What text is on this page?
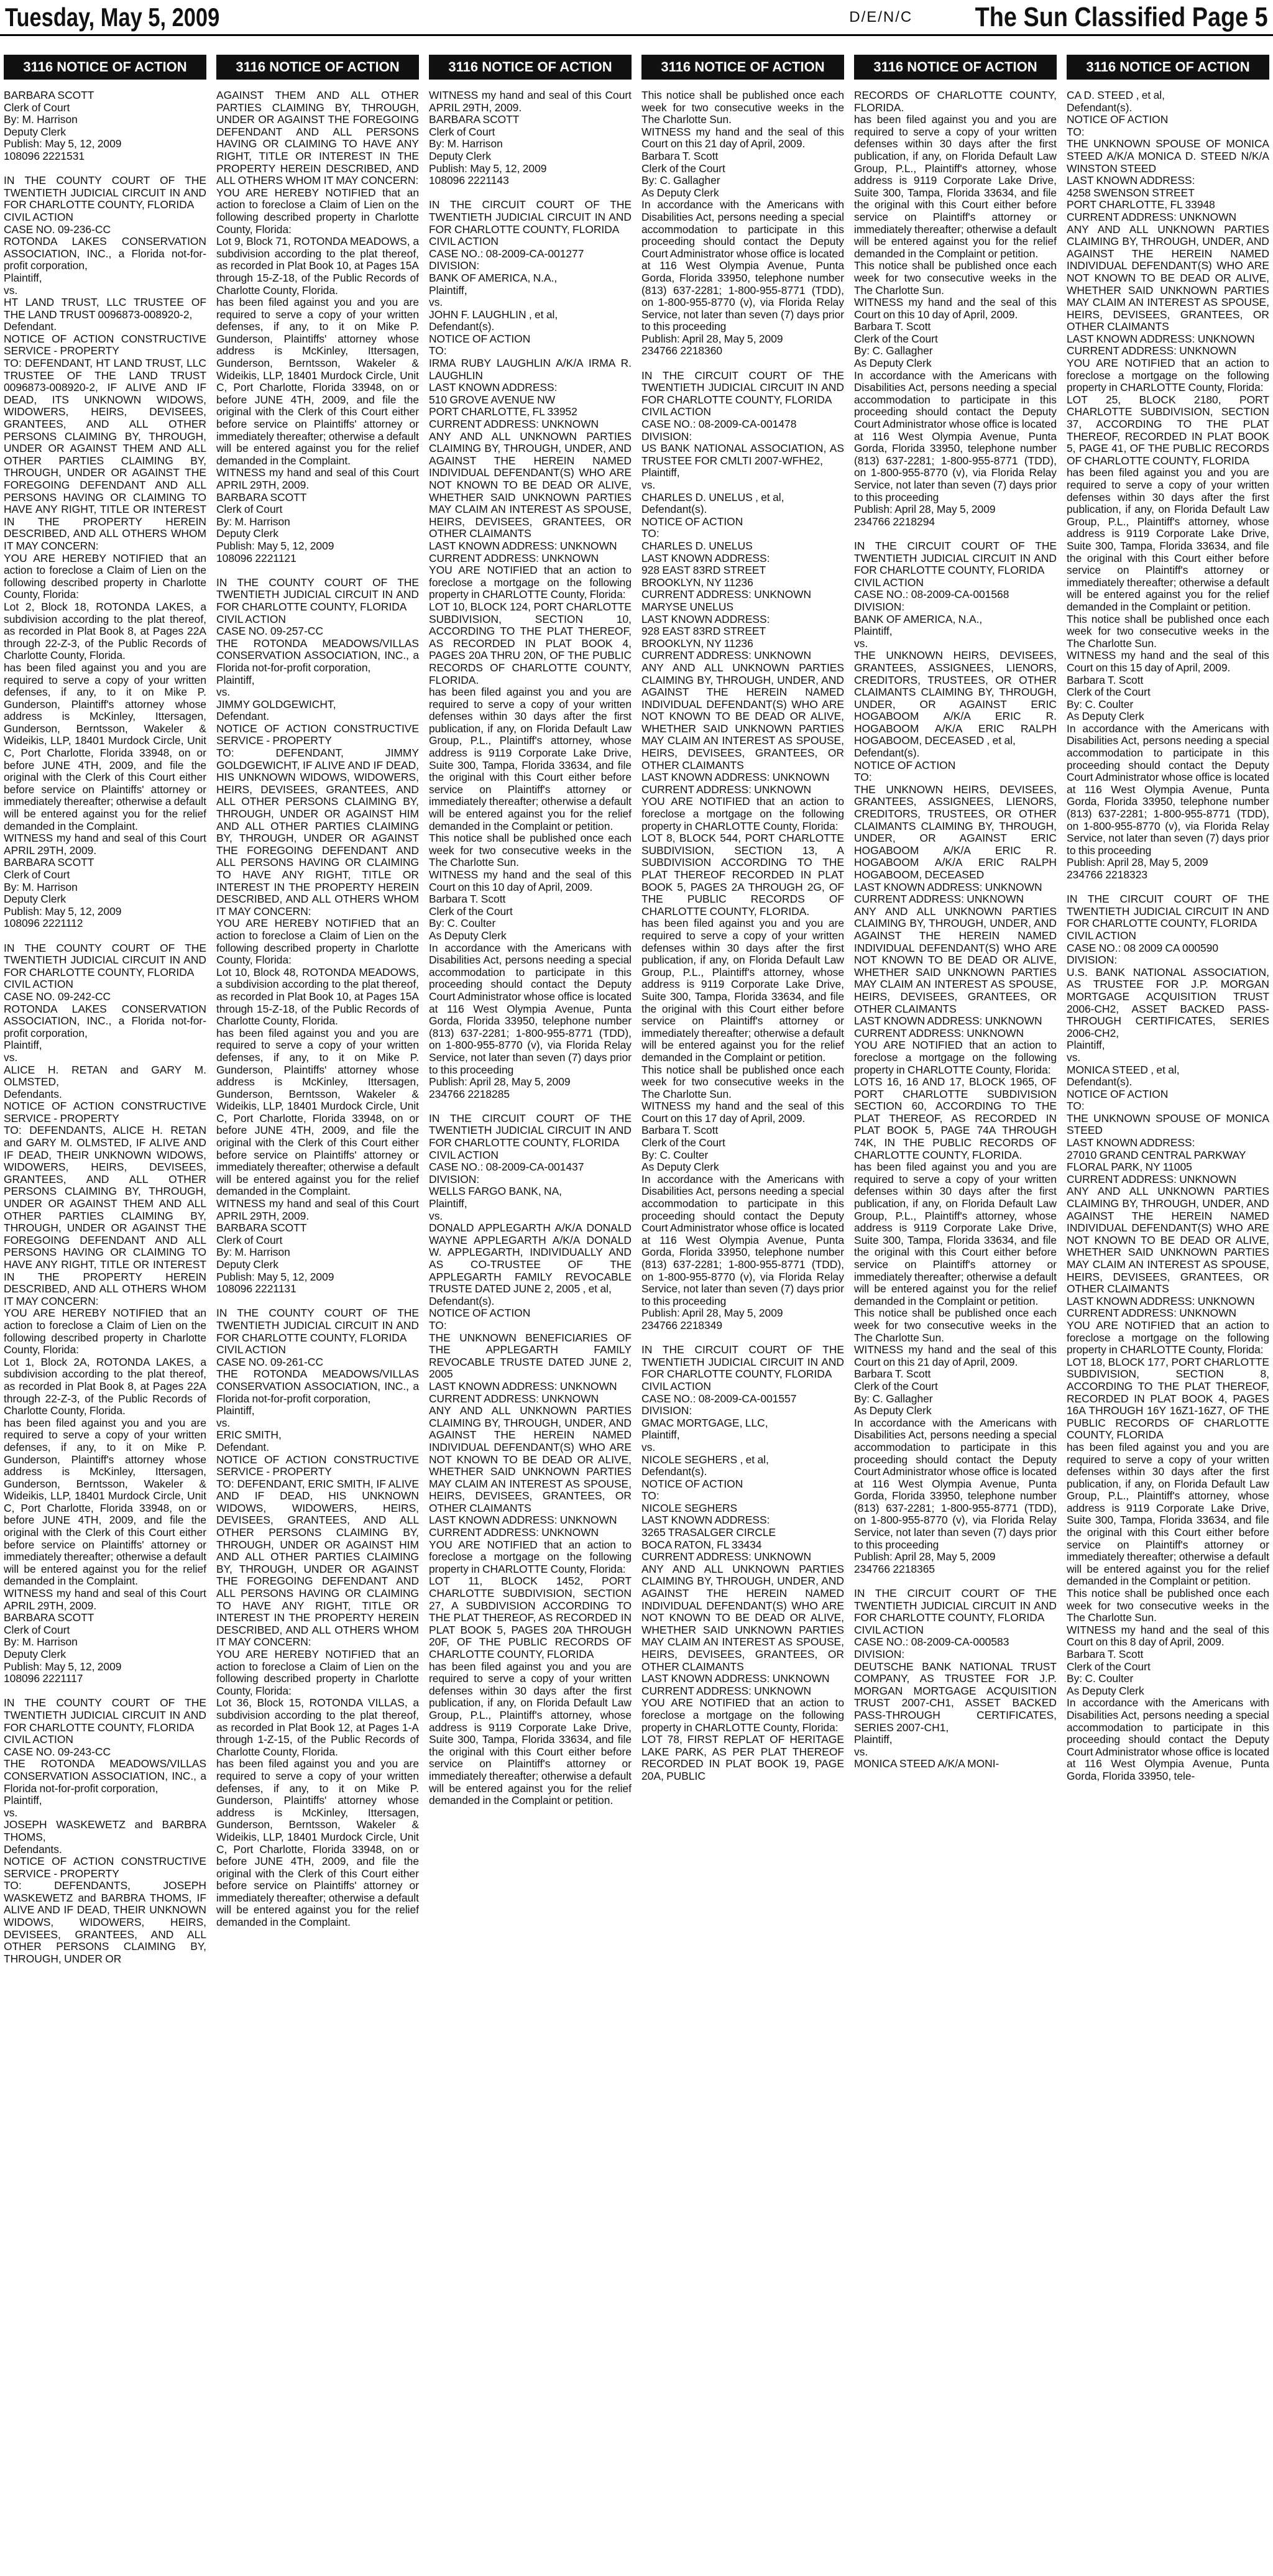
Tuesday, May 5, 2009	D/E/N/C The Sun Classified Page 5
3116 NOTICE OF ACTION
BARBARA SCOTT
Clerk of Court
By: M. Harrison
Deputy Clerk
Publish: May 5, 12, 2009
108096 2221531

IN THE COUNTY COURT OF THE TWENTIETH JUDICIAL CIRCUIT IN AND FOR CHARLOTTE COUNTY, FLORIDA
CIVIL ACTION
CASE NO. 09-236-CC
ROTONDA LAKES CONSERVATION ASSOCIATION, INC., a Florida not-for-profit corporation,
Plaintiff,
vs.
HT LAND TRUST, LLC TRUSTEE OF THE LAND TRUST 0096873-008920-2,
Defendant.
NOTICE OF ACTION CONSTRUCTIVE SERVICE - PROPERTY
TO: DEFENDANT, HT LAND TRUST, LLC TRUSTEE OF THE LAND TRUST 0096873-008920-2, IF ALIVE AND IF DEAD, ITS UNKNOWN WIDOWS, WIDOWERS, HEIRS, DEVISEES, GRANTEES, AND ALL OTHER PERSONS CLAIMING BY, THROUGH, UNDER OR AGAINST THEM AND ALL OTHER PARTIES CLAIMING BY, THROUGH, UNDER OR AGAINST THE FOREGOING DEFENDANT AND ALL PERSONS HAVING OR CLAIMING TO HAVE ANY RIGHT, TITLE OR INTEREST IN THE PROPERTY HEREIN DESCRIBED, AND ALL OTHERS WHOM IT MAY CONCERN:
YOU ARE HEREBY NOTIFIED that an action to foreclose a Claim of Lien on the following described property in Charlotte County, Florida:
Lot 2, Block 18, ROTONDA LAKES, a subdivision according to the plat thereof, as recorded in Plat Book 8, at Pages 22A through 22-Z-3, of the Public Records of Charlotte County, Florida.
has been filed against you and you are required to serve a copy of your written defenses, if any, to it on Mike P. Gunderson, Plaintiff's attorney whose address is McKinley, Ittersagen, Gunderson, Berntsson, Wakeler & Wideikis, LLP, 18401 Murdock Circle, Unit C, Port Charlotte, Florida 33948, on or before JUNE 4TH, 2009, and file the original with the Clerk of this Court either before service on Plaintiffs' attorney or immediately thereafter; otherwise a default will be entered against you for the relief demanded in the Complaint.
WITNESS my hand and seal of this Court APRIL 29TH, 2009.
BARBARA SCOTT
Clerk of Court
By: M. Harrison
Deputy Clerk
Publish: May 5, 12, 2009
108096 2221112

IN THE COUNTY COURT OF THE TWENTIETH JUDICIAL CIRCUIT IN AND FOR CHARLOTTE COUNTY, FLORIDA
CIVIL ACTION
CASE NO. 09-242-CC
ROTONDA LAKES CONSERVATION ASSOCIATION, INC., a Florida not-for-profit corporation,
Plaintiff,
vs.
ALICE H. RETAN and GARY M. OLMSTED,
Defendants.
NOTICE OF ACTION CONSTRUCTIVE SERVICE - PROPERTY
TO: DEFENDANTS, ALICE H. RETAN and GARY M. OLMSTED, IF ALIVE AND IF DEAD, THEIR UNKNOWN WIDOWS, WIDOWERS, HEIRS, DEVISEES, GRANTEES, AND ALL OTHER PERSONS CLAIMING BY, THROUGH, UNDER OR AGAINST THEM AND ALL OTHER PARTIES CLAIMING BY, THROUGH, UNDER OR AGAINST THE FOREGOING DEFENDANT AND ALL PERSONS HAVING OR CLAIMING TO HAVE ANY RIGHT, TITLE OR INTEREST IN THE PROPERTY HEREIN DESCRIBED, AND ALL OTHERS WHOM IT MAY CONCERN:
YOU ARE HEREBY NOTIFIED that an action to foreclose a Claim of Lien on the following described property in Charlotte County, Florida:
Lot 1, Block 2A, ROTONDA LAKES, a subdivision according to the plat thereof, as recorded in Plat Book 8, at Pages 22A through 22-Z-3, of the Public Records of Charlotte County, Florida.
has been filed against you and you are required to serve a copy of your written defenses, if any, to it on Mike P. Gunderson, Plaintiff's attorney whose address is McKinley, Ittersagen, Gunderson, Berntsson, Wakeler & Wideikis, LLP, 18401 Murdock Circle, Unit C, Port Charlotte, Florida 33948, on or before JUNE 4TH, 2009, and file the original with the Clerk of this Court either before service on Plaintiffs' attorney or immediately thereafter; otherwise a default will be entered against you for the relief demanded in the Complaint.
WITNESS my hand and seal of this Court APRIL 29TH, 2009.
BARBARA SCOTT
Clerk of Court
By: M. Harrison
Deputy Clerk
Publish: May 5, 12, 2009
108096 2221117

IN THE COUNTY COURT OF THE TWENTIETH JUDICIAL CIRCUIT IN AND FOR CHARLOTTE COUNTY, FLORIDA
CIVIL ACTION
CASE NO. 09-243-CC
THE ROTONDA MEADOWS/VILLAS CONSERVATION ASSOCIATION, INC., a Florida not-for-profit corporation,
Plaintiff,
vs.
JOSEPH WASKEWETZ and BARBRA THOMS,
Defendants.
NOTICE OF ACTION CONSTRUCTIVE SERVICE - PROPERTY
TO: DEFENDANTS, JOSEPH WASKEWETZ and BARBRA THOMS, IF ALIVE AND IF DEAD, THEIR UNKNOWN WIDOWS, WIDOWERS, HEIRS, DEVISEES, GRANTEES, AND ALL OTHER PERSONS CLAIMING BY, THROUGH, UNDER OR
3116 NOTICE OF ACTION
AGAINST THEM AND ALL OTHER PARTIES CLAIMING BY, THROUGH, UNDER OR AGAINST THE FOREGOING DEFENDANT AND ALL PERSONS HAVING OR CLAIMING TO HAVE ANY RIGHT, TITLE OR INTEREST IN THE PROPERTY HEREIN DESCRIBED, AND ALL OTHERS WHOM IT MAY CONCERN:
YOU ARE HEREBY NOTIFIED that an action to foreclose a Claim of Lien on the following described property in Charlotte County, Florida:
Lot 9, Block 71, ROTONDA MEADOWS, a subdivision according to the plat thereof, as recorded in Plat Book 10, at Pages 15A through 15-Z-18, of the Public Records of Charlotte County, Florida.
has been filed against you and you are required to serve a copy of your written defenses, if any, to it on Mike P. Gunderson, Plaintiffs' attorney whose address is McKinley, Ittersagen, Gunderson, Berntsson, Wakeler & Wideikis, LLP, 18401 Murdock Circle, Unit C, Port Charlotte, Florida 33948, on or before JUNE 4TH, 2009, and file the original with the Clerk of this Court either before service on Plaintiffs' attorney or immediately thereafter; otherwise a default will be entered against you for the relief demanded in the Complaint.
WITNESS my hand and seal of this Court APRIL 29TH, 2009.
BARBARA SCOTT
Clerk of Court
By: M. Harrison
Deputy Clerk
Publish: May 5, 12, 2009
108096 2221121

IN THE COUNTY COURT OF THE TWENTIETH JUDICIAL CIRCUIT IN AND FOR CHARLOTTE COUNTY, FLORIDA
CIVIL ACTION
CASE NO. 09-257-CC
THE ROTONDA MEADOWS/VILLAS CONSERVATION ASSOCIATION, INC., a Florida not-for-profit corporation,
Plaintiff,
vs.
JIMMY GOLDGEWICHT,
Defendant.
NOTICE OF ACTION CONSTRUCTIVE SERVICE - PROPERTY
TO: DEFENDANT, JIMMY GOLDGEWICHT, IF ALIVE AND IF DEAD, HIS UNKNOWN WIDOWS, WIDOWERS, HEIRS, DEVISEES, GRANTEES, AND ALL OTHER PERSONS CLAIMING BY, THROUGH, UNDER OR AGAINST HIM AND ALL OTHER PARTIES CLAIMING BY, THROUGH, UNDER OR AGAINST THE FOREGOING DEFENDANT AND ALL PERSONS HAVING OR CLAIMING TO HAVE ANY RIGHT, TITLE OR INTEREST IN THE PROPERTY HEREIN DESCRIBED, AND ALL OTHERS WHOM IT MAY CONCERN:
YOU ARE HEREBY NOTIFIED that an action to foreclose a Claim of Lien on the following described property in Charlotte County, Florida:
Lot 10, Block 48, ROTONDA MEADOWS, a subdivision according to the plat thereof, as recorded in Plat Book 10, at Pages 15A through 15-Z-18, of the Public Records of Charlotte County, Florida.
has been filed against you and you are required to serve a copy of your written defenses, if any, to it on Mike P. Gunderson, Plaintiffs' attorney whose address is McKinley, Ittersagen, Gunderson, Berntsson, Wakeler & Wideikis, LLP, 18401 Murdock Circle, Unit C, Port Charlotte, Florida 33948, on or before JUNE 4TH, 2009, and file the original with the Clerk of this Court either before service on Plaintiffs' attorney or immediately thereafter; otherwise a default will be entered against you for the relief demanded in the Complaint.
WITNESS my hand and seal of this Court APRIL 29TH, 2009.
BARBARA SCOTT
Clerk of Court
By: M. Harrison
Deputy Clerk
Publish: May 5, 12, 2009
108096 2221131

IN THE COUNTY COURT OF THE TWENTIETH JUDICIAL CIRCUIT IN AND FOR CHARLOTTE COUNTY, FLORIDA
CIVIL ACTION
CASE NO. 09-261-CC
THE ROTONDA MEADOWS/VILLAS CONSERVATION ASSOCIATION, INC., a Florida not-for-profit corporation,
Plaintiff,
vs.
ERIC SMITH,
Defendant.
NOTICE OF ACTION CONSTRUCTIVE SERVICE - PROPERTY
TO: DEFENDANT, ERIC SMITH, IF ALIVE AND IF DEAD, HIS UNKNOWN WIDOWS, WIDOWERS, HEIRS, DEVISEES, GRANTEES, AND ALL OTHER PERSONS CLAIMING BY, THROUGH, UNDER OR AGAINST HIM AND ALL OTHER PARTIES CLAIMING BY, THROUGH, UNDER OR AGAINST THE FOREGOING DEFENDANT AND ALL PERSONS HAVING OR CLAIMING TO HAVE ANY RIGHT, TITLE OR INTEREST IN THE PROPERTY HEREIN DESCRIBED, AND ALL OTHERS WHOM IT MAY CONCERN:
YOU ARE HEREBY NOTIFIED that an action to foreclose a Claim of Lien on the following described property in Charlotte County, Florida:
Lot 36, Block 15, ROTONDA VILLAS, a subdivision according to the plat thereof, as recorded in Plat Book 12, at Pages 1-A through 1-Z-15, of the Public Records of Charlotte County, Florida.
has been filed against you and you are required to serve a copy of your written defenses, if any, to it on Mike P. Gunderson, Plaintiffs' attorney whose address is McKinley, Ittersagen, Gunderson, Berntsson, Wakeler & Wideikis, LLP, 18401 Murdock Circle, Unit C, Port Charlotte, Florida 33948, on or before JUNE 4TH, 2009, and file the original with the Clerk of this Court either before service on Plaintiffs' attorney or immediately thereafter; otherwise a default will be entered against you for the relief demanded in the Complaint.
3116 NOTICE OF ACTION
WITNESS my hand and seal of this Court APRIL 29TH, 2009.
BARBARA SCOTT
Clerk of Court
By: M. Harrison
Deputy Clerk
Publish: May 5, 12, 2009
108096 2221143

IN THE CIRCUIT COURT OF THE TWENTIETH JUDICIAL CIRCUIT IN AND FOR CHARLOTTE COUNTY, FLORIDA
CIVIL ACTION
CASE NO.: 08-2009-CA-001277
DIVISION:
BANK OF AMERICA, N.A.,
Plaintiff,
vs.
JOHN F. LAUGHLIN , et al,
Defendant(s).
NOTICE OF ACTION
TO:
IRMA RUBY LAUGHLIN A/K/A IRMA R. LAUGHLIN
LAST KNOWN ADDRESS:
510 GROVE AVENUE NW
PORT CHARLOTTE, FL 33952
CURRENT ADDRESS: UNKNOWN
ANY AND ALL UNKNOWN PARTIES CLAIMING BY, THROUGH, UNDER, AND AGAINST THE HEREIN NAMED INDIVIDUAL DEFENDANT(S) WHO ARE NOT KNOWN TO BE DEAD OR ALIVE, WHETHER SAID UNKNOWN PARTIES MAY CLAIM AN INTEREST AS SPOUSE, HEIRS, DEVISEES, GRANTEES, OR OTHER CLAIMANTS
LAST KNOWN ADDRESS: UNKNOWN
CURRENT ADDRESS: UNKNOWN
YOU ARE NOTIFIED that an action to foreclose a mortgage on the following property in CHARLOTTE County, Florida:
LOT 10, BLOCK 124, PORT CHARLOTTE SUBDIVISION, SECTION 10, ACCORDING TO THE PLAT THEREOF, AS RECORDED IN PLAT BOOK 4, PAGES 20A THRU 20N, OF THE PUBLIC RECORDS OF CHARLOTTE COUNTY, FLORIDA.
has been filed against you and you are required to serve a copy of your written defenses within 30 days after the first publication, if any, on Florida Default Law Group, P.L., Plaintiff's attorney, whose address is 9119 Corporate Lake Drive, Suite 300, Tampa, Florida 33634, and file the original with this Court either before service on Plaintiff's attorney or immediately thereafter; otherwise a default will be entered against you for the relief demanded in the Complaint or petition.
This notice shall be published once each week for two consecutive weeks in the The Charlotte Sun.
WITNESS my hand and the seal of this Court on this 10 day of April, 2009.
Barbara T. Scott
Clerk of the Court
By: C. Coulter
As Deputy Clerk
In accordance with the Americans with Disabilities Act, persons needing a special accommodation to participate in this proceeding should contact the Deputy Court Administrator whose office is located at 116 West Olympia Avenue, Punta Gorda, Florida 33950, telephone number (813) 637-2281; 1-800-955-8771 (TDD), on 1-800-955-8770 (v), via Florida Relay Service, not later than seven (7) days prior to this proceeding
Publish: April 28, May 5, 2009
234766 2218285

IN THE CIRCUIT COURT OF THE TWENTIETH JUDICIAL CIRCUIT IN AND FOR CHARLOTTE COUNTY, FLORIDA
CIVIL ACTION
CASE NO.: 08-2009-CA-001437
DIVISION:
WELLS FARGO BANK, NA,
Plaintiff,
vs.
DONALD APPLEGARTH A/K/A DONALD WAYNE APPLEGARTH A/K/A DONALD W. APPLEGARTH, INDIVIDUALLY AND AS CO-TRUSTEE OF THE APPLEGARTH FAMILY REVOCABLE TRUSTE DATED JUNE 2, 2005 , et al,
Defendant(s).
NOTICE OF ACTION
TO:
THE UNKNOWN BENEFICIARIES OF THE APPLEGARTH FAMILY REVOCABLE TRUSTE DATED JUNE 2, 2005
LAST KNOWN ADDRESS: UNKNOWN
CURRENT ADDRESS: UNKNOWN
ANY AND ALL UNKNOWN PARTIES CLAIMING BY, THROUGH, UNDER, AND AGAINST THE HEREIN NAMED INDIVIDUAL DEFENDANT(S) WHO ARE NOT KNOWN TO BE DEAD OR ALIVE, WHETHER SAID UNKNOWN PARTIES MAY CLAIM AN INTEREST AS SPOUSE, HEIRS, DEVISEES, GRANTEES, OR OTHER CLAIMANTS
LAST KNOWN ADDRESS: UNKNOWN
CURRENT ADDRESS: UNKNOWN
YOU ARE NOTIFIED that an action to foreclose a mortgage on the following property in CHARLOTTE County, Florida:
LOT 11, BLOCK 1452, PORT CHARLOTTE SUBDIVISION, SECTION 27, A SUBDIVISION ACCORDING TO THE PLAT THEREOF, AS RECORDED IN PLAT BOOK 5, PAGES 20A THROUGH 20F, OF THE PUBLIC RECORDS OF CHARLOTTE COUNTY, FLORIDA
has been filed against you and you are required to serve a copy of your written defenses within 30 days after the first publication, if any, on Florida Default Law Group, P.L., Plaintiff's attorney, whose address is 9119 Corporate Lake Drive, Suite 300, Tampa, Florida 33634, and file the original with this Court either before service on Plaintiff's attorney or immediately thereafter; otherwise a default will be entered against you for the relief demanded in the Complaint or petition.
3116 NOTICE OF ACTION
This notice shall be published once each week for two consecutive weeks in the The Charlotte Sun.
WITNESS my hand and the seal of this Court on this 21 day of April, 2009.
Barbara T. Scott
Clerk of the Court
By: C. Gallagher
As Deputy Clerk
In accordance with the Americans with Disabilities Act, persons needing a special accommodation to participate in this proceeding should contact the Deputy Court Administrator whose office is located at 116 West Olympia Avenue, Punta Gorda, Florida 33950, telephone number (813) 637-2281; 1-800-955-8771 (TDD), on 1-800-955-8770 (v), via Florida Relay Service, not later than seven (7) days prior to this proceeding
Publish: April 28, May 5, 2009
234766 2218360

IN THE CIRCUIT COURT OF THE TWENTIETH JUDICIAL CIRCUIT IN AND FOR CHARLOTTE COUNTY, FLORIDA
CIVIL ACTION
CASE NO.: 08-2009-CA-001478
DIVISION:
US BANK NATIONAL ASSOCIATION, AS TRUSTEE FOR CMLTI 2007-WFHE2,
Plaintiff,
vs.
CHARLES D. UNELUS , et al,
Defendant(s).
NOTICE OF ACTION
TO:
CHARLES D. UNELUS
LAST KNOWN ADDRESS:
928 EAST 83RD STREET
BROOKLYN, NY 11236
CURRENT ADDRESS: UNKNOWN
MARYSE UNELUS
LAST KNOWN ADDRESS:
928 EAST 83RD STREET
BROOKLYN, NY 11236
CURRENT ADDRESS: UNKNOWN
ANY AND ALL UNKNOWN PARTIES CLAIMING BY, THROUGH, UNDER, AND AGAINST THE HEREIN NAMED INDIVIDUAL DEFENDANT(S) WHO ARE NOT KNOWN TO BE DEAD OR ALIVE, WHETHER SAID UNKNOWN PARTIES MAY CLAIM AN INTEREST AS SPOUSE, HEIRS, DEVISEES, GRANTEES, OR OTHER CLAIMANTS
LAST KNOWN ADDRESS: UNKNOWN
CURRENT ADDRESS: UNKNOWN
YOU ARE NOTIFIED that an action to foreclose a mortgage on the following property in CHARLOTTE County, Florida:
LOT 8, BLOCK 544, PORT CHARLOTTE SUBDIVISION, SECTION 13, A SUBDIVISION ACCORDING TO THE PLAT THEREOF RECORDED IN PLAT BOOK 5, PAGES 2A THROUGH 2G, OF THE PUBLIC RECORDS OF CHARLOTTE COUNTY, FLORIDA.
has been filed against you and you are required to serve a copy of your written defenses within 30 days after the first publication, if any, on Florida Default Law Group, P.L., Plaintiff's attorney, whose address is 9119 Corporate Lake Drive, Suite 300, Tampa, Florida 33634, and file the original with this Court either before service on Plaintiff's attorney or immediately thereafter; otherwise a default will be entered against you for the relief demanded in the Complaint or petition.
This notice shall be published once each week for two consecutive weeks in the The Charlotte Sun.
WITNESS my hand and the seal of this Court on this 17 day of April, 2009.
Barbara T. Scott
Clerk of the Court
By: C. Coulter
As Deputy Clerk
In accordance with the Americans with Disabilities Act, persons needing a special accommodation to participate in this proceeding should contact the Deputy Court Administrator whose office is located at 116 West Olympia Avenue, Punta Gorda, Florida 33950, telephone number (813) 637-2281; 1-800-955-8771 (TDD), on 1-800-955-8770 (v), via Florida Relay Service, not later than seven (7) days prior to this proceeding
Publish: April 28, May 5, 2009
234766 2218349

IN THE CIRCUIT COURT OF THE TWENTIETH JUDICIAL CIRCUIT IN AND FOR CHARLOTTE COUNTY, FLORIDA
CIVIL ACTION
CASE NO.: 08-2009-CA-001557
DIVISION:
GMAC MORTGAGE, LLC,
Plaintiff,
vs.
NICOLE SEGHERS , et al,
Defendant(s).
NOTICE OF ACTION
TO:
NICOLE SEGHERS
LAST KNOWN ADDRESS:
3265 TRASALGER CIRCLE
BOCA RATON, FL 33434
CURRENT ADDRESS: UNKNOWN
ANY AND ALL UNKNOWN PARTIES CLAIMING BY, THROUGH, UNDER, AND AGAINST THE HEREIN NAMED INDIVIDUAL DEFENDANT(S) WHO ARE NOT KNOWN TO BE DEAD OR ALIVE, WHETHER SAID UNKNOWN PARTIES MAY CLAIM AN INTEREST AS SPOUSE, HEIRS, DEVISEES, GRANTEES, OR OTHER CLAIMANTS
LAST KNOWN ADDRESS: UNKNOWN
CURRENT ADDRESS: UNKNOWN
YOU ARE NOTIFIED that an action to foreclose a mortgage on the following property in CHARLOTTE County, Florida:
LOT 78, FIRST REPLAT OF HERITAGE LAKE PARK, AS PER PLAT THEREOF RECORDED IN PLAT BOOK 19, PAGE 20A, PUBLIC
3116 NOTICE OF ACTION
RECORDS OF CHARLOTTE COUNTY, FLORIDA.
has been filed against you and you are required to serve a copy of your written defenses within 30 days after the first publication, if any, on Florida Default Law Group, P.L., Plaintiff's attorney, whose address is 9119 Corporate Lake Drive, Suite 300, Tampa, Florida 33634, and file the original with this Court either before service on Plaintiff's attorney or immediately thereafter; otherwise a default will be entered against you for the relief demanded in the Complaint or petition.
This notice shall be published once each week for two consecutive weeks in the The Charlotte Sun.
WITNESS my hand and the seal of this Court on this 10 day of April, 2009.
Barbara T. Scott
Clerk of the Court
By: C. Gallagher
As Deputy Clerk
In accordance with the Americans with Disabilities Act, persons needing a special accommodation to participate in this proceeding should contact the Deputy Court Administrator whose office is located at 116 West Olympia Avenue, Punta Gorda, Florida 33950, telephone number (813) 637-2281; 1-800-955-8771 (TDD), on 1-800-955-8770 (v), via Florida Relay Service, not later than seven (7) days prior to this proceeding
Publish: April 28, May 5, 2009
234766 2218294

IN THE CIRCUIT COURT OF THE TWENTIETH JUDICIAL CIRCUIT IN AND FOR CHARLOTTE COUNTY, FLORIDA
CIVIL ACTION
CASE NO.: 08-2009-CA-001568
DIVISION:
BANK OF AMERICA, N.A.,
Plaintiff,
vs.
THE UNKNOWN HEIRS, DEVISEES, GRANTEES, ASSIGNEES, LIENORS, CREDITORS, TRUSTEES, OR OTHER CLAIMANTS CLAIMING BY, THROUGH, UNDER, OR AGAINST ERIC HOGABOOM A/K/A ERIC R. HOGABOOM A/K/A ERIC RALPH HOGABOOM, DECEASED , et al,
Defendant(s).
NOTICE OF ACTION
TO:
THE UNKNOWN HEIRS, DEVISEES, GRANTEES, ASSIGNEES, LIENORS, CREDITORS, TRUSTEES, OR OTHER CLAIMANTS CLAIMING BY, THROUGH, UNDER, OR AGAINST ERIC HOGABOOM A/K/A ERIC R. HOGABOOM A/K/A ERIC RALPH HOGABOOM, DECEASED
LAST KNOWN ADDRESS: UNKNOWN
CURRENT ADDRESS: UNKNOWN
ANY AND ALL UNKNOWN PARTIES CLAIMING BY, THROUGH, UNDER, AND AGAINST THE HEREIN NAMED INDIVIDUAL DEFENDANT(S) WHO ARE NOT KNOWN TO BE DEAD OR ALIVE, WHETHER SAID UNKNOWN PARTIES MAY CLAIM AN INTEREST AS SPOUSE, HEIRS, DEVISEES, GRANTEES, OR OTHER CLAIMANTS
LAST KNOWN ADDRESS: UNKNOWN
CURRENT ADDRESS: UNKNOWN
YOU ARE NOTIFIED that an action to foreclose a mortgage on the following property in CHARLOTTE County, Florida:
LOTS 16, 16 AND 17, BLOCK 1965, OF PORT CHARLOTTE SUBDIVISION SECTION 60, ACCORDING TO THE PLAT THEREOF, AS RECORDED IN PLAT BOOK 5, PAGE 74A THROUGH 74K, IN THE PUBLIC RECORDS OF CHARLOTTE COUNTY, FLORIDA.
has been filed against you and you are required to serve a copy of your written defenses within 30 days after the first publication, if any, on Florida Default Law Group, P.L., Plaintiff's attorney, whose address is 9119 Corporate Lake Drive, Suite 300, Tampa, Florida 33634, and file the original with this Court either before service on Plaintiff's attorney or immediately thereafter; otherwise a default will be entered against you for the relief demanded in the Complaint or petition.
This notice shall be published once each week for two consecutive weeks in the The Charlotte Sun.
WITNESS my hand and the seal of this Court on this 21 day of April, 2009.
Barbara T. Scott
Clerk of the Court
By: C. Gallagher
As Deputy Clerk
In accordance with the Americans with Disabilities Act, persons needing a special accommodation to participate in this proceeding should contact the Deputy Court Administrator whose office is located at 116 West Olympia Avenue, Punta Gorda, Florida 33950, telephone number (813) 637-2281; 1-800-955-8771 (TDD), on 1-800-955-8770 (v), via Florida Relay Service, not later than seven (7) days prior to this proceeding
Publish: April 28, May 5, 2009
234766 2218365

IN THE CIRCUIT COURT OF THE TWENTIETH JUDICIAL CIRCUIT IN AND FOR CHARLOTTE COUNTY, FLORIDA
CIVIL ACTION
CASE NO.: 08-2009-CA-000583
DIVISION:
DEUTSCHE BANK NATIONAL TRUST COMPANY, AS TRUSTEE FOR J.P. MORGAN MORTGAGE ACQUISITION TRUST 2007-CH1, ASSET BACKED PASS-THROUGH CERTIFICATES, SERIES 2007-CH1,
Plaintiff,
vs.
MONICA STEED A/K/A MONI-
3116 NOTICE OF ACTION
CA D. STEED , et al,
Defendant(s).
NOTICE OF ACTION
TO:
THE UNKNOWN SPOUSE OF MONICA STEED A/K/A MONICA D. STEED N/K/A WINSTON STEED
LAST KNOWN ADDRESS:
4258 SWENSON STREET
PORT CHARLOTTE, FL 33948
CURRENT ADDRESS: UNKNOWN
ANY AND ALL UNKNOWN PARTIES CLAIMING BY, THROUGH, UNDER, AND AGAINST THE HEREIN NAMED INDIVIDUAL DEFENDANT(S) WHO ARE NOT KNOWN TO BE DEAD OR ALIVE, WHETHER SAID UNKNOWN PARTIES MAY CLAIM AN INTEREST AS SPOUSE, HEIRS, DEVISEES, GRANTEES, OR OTHER CLAIMANTS
LAST KNOWN ADDRESS: UNKNOWN
CURRENT ADDRESS: UNKNOWN
YOU ARE NOTIFIED that an action to foreclose a mortgage on the following property in CHARLOTTE County, Florida:
LOT 25, BLOCK 2180, PORT CHARLOTTE SUBDIVISION, SECTION 37, ACCORDING TO THE PLAT THEREOF, RECORDED IN PLAT BOOK 5, PAGE 41, OF THE PUBLIC RECORDS OF CHARLOTTE COUNTY, FLORIDA
has been filed against you and you are required to serve a copy of your written defenses within 30 days after the first publication, if any, on Florida Default Law Group, P.L., Plaintiff's attorney, whose address is 9119 Corporate Lake Drive, Suite 300, Tampa, Florida 33634, and file the original with this Court either before service on Plaintiff's attorney or immediately thereafter; otherwise a default will be entered against you for the relief demanded in the Complaint or petition.
This notice shall be published once each week for two consecutive weeks in the The Charlotte Sun.
WITNESS my hand and the seal of this Court on this 15 day of April, 2009.
Barbara T. Scott
Clerk of the Court
By: C. Coulter
As Deputy Clerk
In accordance with the Americans with Disabilities Act, persons needing a special accommodation to participate in this proceeding should contact the Deputy Court Administrator whose office is located at 116 West Olympia Avenue, Punta Gorda, Florida 33950, telephone number (813) 637-2281; 1-800-955-8771 (TDD), on 1-800-955-8770 (v), via Florida Relay Service, not later than seven (7) days prior to this proceeding
Publish: April 28, May 5, 2009
234766 2218323

IN THE CIRCUIT COURT OF THE TWENTIETH JUDICIAL CIRCUIT IN AND FOR CHARLOTTE COUNTY, FLORIDA
CIVIL ACTION
CASE NO.: 08 2009 CA 000590
DIVISION:
U.S. BANK NATIONAL ASSOCIATION, AS TRUSTEE FOR J.P. MORGAN MORTGAGE ACQUISITION TRUST 2006-CH2, ASSET BACKED PASS-THROUGH CERTIFICATES, SERIES 2006-CH2,
Plaintiff,
vs.
MONICA STEED , et al,
Defendant(s).
NOTICE OF ACTION
TO:
THE UNKNOWN SPOUSE OF MONICA STEED
LAST KNOWN ADDRESS:
27010 GRAND CENTRAL PARKWAY
FLORAL PARK, NY 11005
CURRENT ADDRESS: UNKNOWN
ANY AND ALL UNKNOWN PARTIES CLAIMING BY, THROUGH, UNDER, AND AGAINST THE HEREIN NAMED INDIVIDUAL DEFENDANT(S) WHO ARE NOT KNOWN TO BE DEAD OR ALIVE, WHETHER SAID UNKNOWN PARTIES MAY CLAIM AN INTEREST AS SPOUSE, HEIRS, DEVISEES, GRANTEES, OR OTHER CLAIMANTS
LAST KNOWN ADDRESS: UNKNOWN
CURRENT ADDRESS: UNKNOWN
YOU ARE NOTIFIED that an action to foreclose a mortgage on the following property in CHARLOTTE County, Florida:
LOT 18, BLOCK 177, PORT CHARLOTTE SUBDIVISION, SECTION 8, ACCORDING TO THE PLAT THEREOF, RECORDED IN PLAT BOOK 4, PAGES 16A THROUGH 16Y 16Z1-16Z7, OF THE PUBLIC RECORDS OF CHARLOTTE COUNTY, FLORIDA
has been filed against you and you are required to serve a copy of your written defenses within 30 days after the first publication, if any, on Florida Default Law Group, P.L., Plaintiff's attorney, whose address is 9119 Corporate Lake Drive, Suite 300, Tampa, Florida 33634, and file the original with this Court either before service on Plaintiff's attorney or immediately thereafter; otherwise a default will be entered against you for the relief demanded in the Complaint or petition.
This notice shall be published once each week for two consecutive weeks in the The Charlotte Sun.
WITNESS my hand and the seal of this Court on this 8 day of April, 2009.
Barbara T. Scott
Clerk of the Court
By: C. Coulter
As Deputy Clerk
In accordance with the Americans with Disabilities Act, persons needing a special accommodation to participate in this proceeding should contact the Deputy Court Administrator whose office is located at 116 West Olympia Avenue, Punta Gorda, Florida 33950, tele-
